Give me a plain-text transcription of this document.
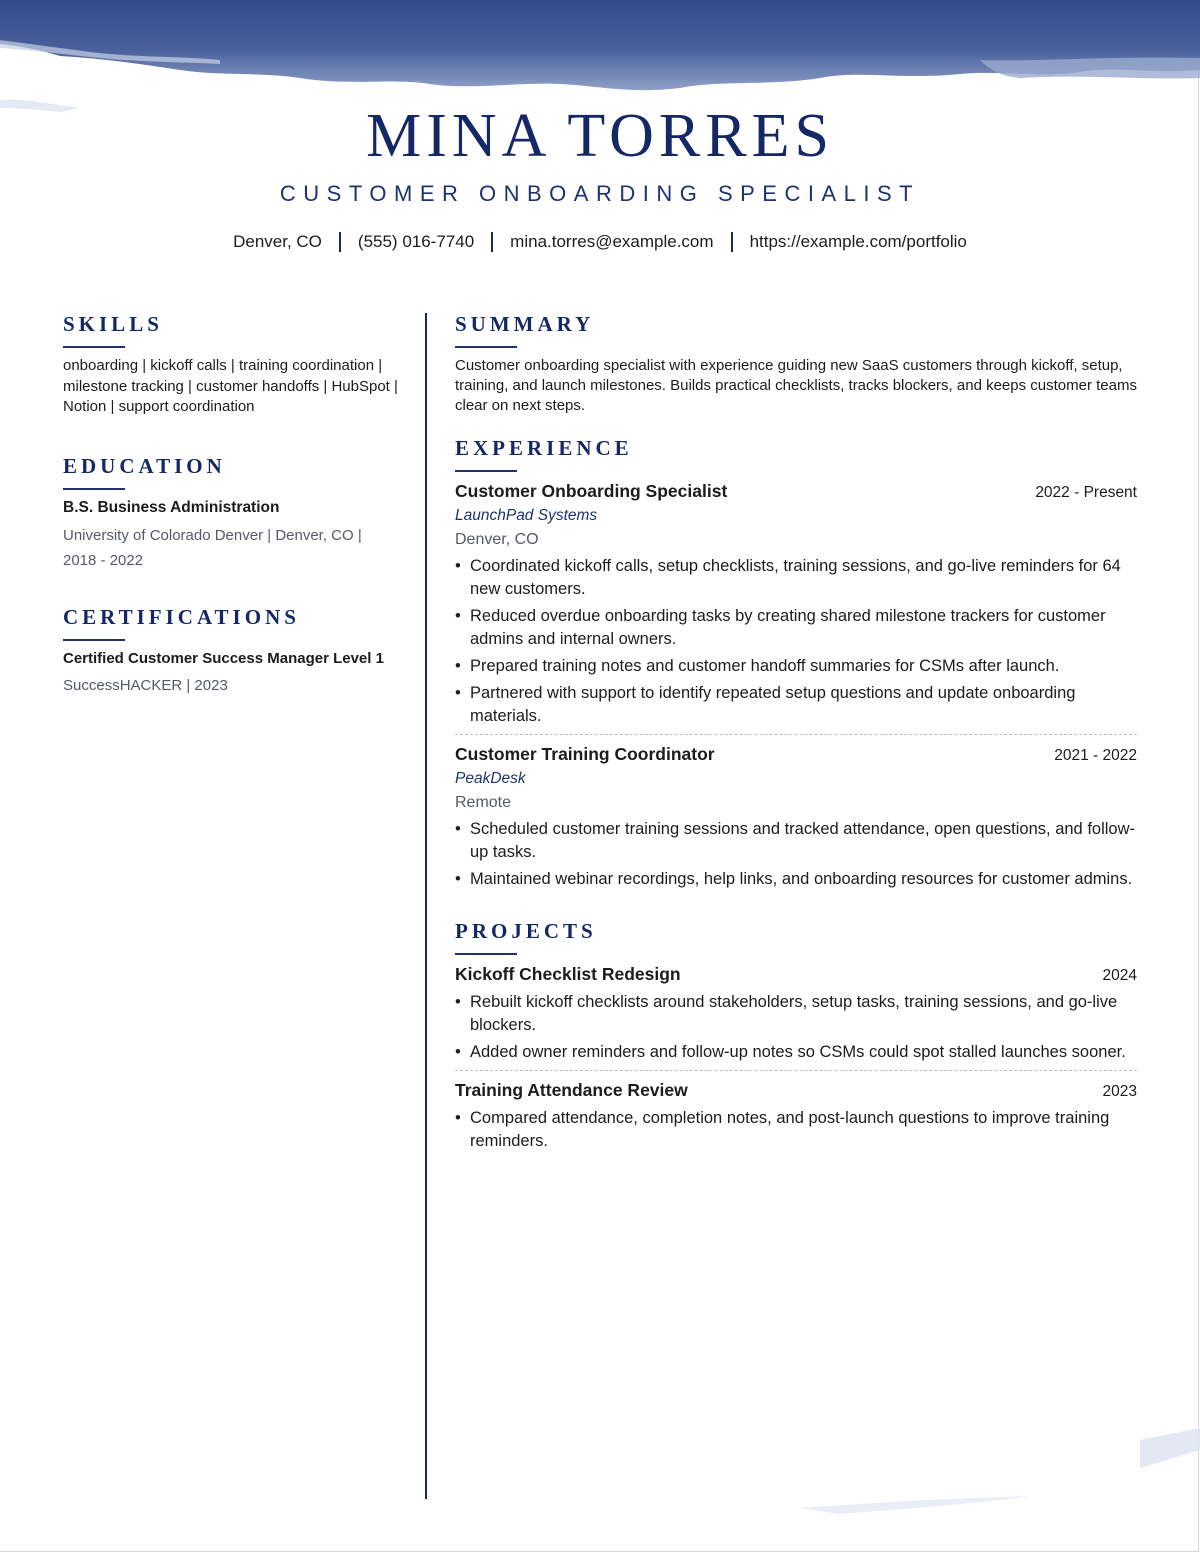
MINA TORRES
CUSTOMER ONBOARDING SPECIALIST
Denver, CO (555) 016-7740 mina.torres@example.com https://example.com/portfolio
SKILLS
onboarding | kickoff calls | training coordination | milestone tracking | customer handoffs | HubSpot | Notion | support coordination
EDUCATION
B.S. Business Administration
University of Colorado Denver | Denver, CO | 2018 - 2022
CERTIFICATIONS
Certified Customer Success Manager Level 1
SuccessHACKER | 2023
SUMMARY
Customer onboarding specialist with experience guiding new SaaS customers through kickoff, setup, training, and launch milestones. Builds practical checklists, tracks blockers, and keeps customer teams clear on next steps.
EXPERIENCE
Customer Onboarding Specialist	2022 - Present
LaunchPad Systems
Denver, CO
• Coordinated kickoff calls, setup checklists, training sessions, and go-live reminders for 64 new customers.
• Reduced overdue onboarding tasks by creating shared milestone trackers for customer admins and internal owners.
• Prepared training notes and customer handoff summaries for CSMs after launch.
• Partnered with support to identify repeated setup questions and update onboarding materials.
Customer Training Coordinator	2021 - 2022
PeakDesk
Remote
• Scheduled customer training sessions and tracked attendance, open questions, and follow-up tasks.
• Maintained webinar recordings, help links, and onboarding resources for customer admins.
PROJECTS
Kickoff Checklist Redesign	2024
• Rebuilt kickoff checklists around stakeholders, setup tasks, training sessions, and go-live blockers.
• Added owner reminders and follow-up notes so CSMs could spot stalled launches sooner.
Training Attendance Review	2023
• Compared attendance, completion notes, and post-launch questions to improve training reminders.
